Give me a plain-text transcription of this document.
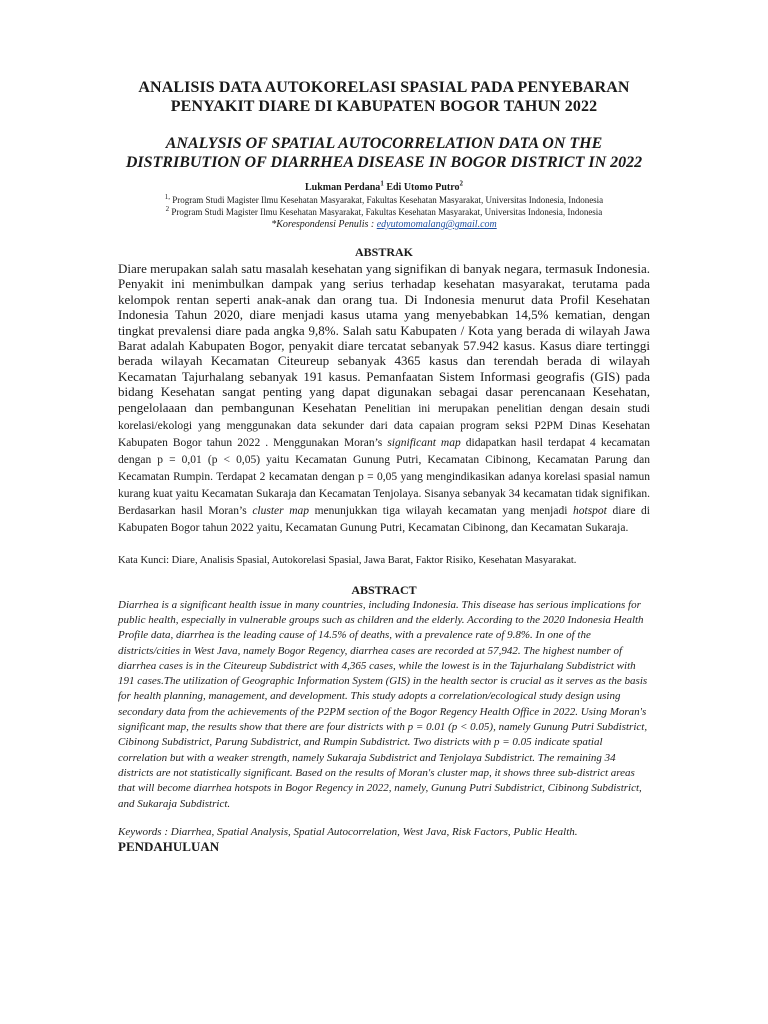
ANALISIS DATA AUTOKORELASI SPASIAL PADA PENYEBARAN
PENYAKIT DIARE DI KABUPATEN BOGOR TAHUN 2022

ANALYSIS OF SPATIAL AUTOCORRELATION DATA ON THE
DISTRIBUTION OF DIARRHEA DISEASE IN BOGOR DISTRICT IN 2022

Lukman Perdana$^1$ Edi Utomo Putro$^2$

$^{1,}$ Program Studi Magister Ilmu Kesehatan Masyarakat, Fakultas Kesehatan Masyarakat, Universitas Indonesia, Indonesia

$^2$ Program Studi Magister Ilmu Kesehatan Masyarakat, Fakultas Kesehatan Masyarakat, Universitas Indonesia, Indonesia

*Korespondensi Penulis : edyutomomalang@gmail.com

ABSTRAK

Diare merupakan salah satu masalah kesehatan yang signifikan di banyak negara, termasuk Indonesia. Penyakit ini menimbulkan dampak yang serius terhadap kesehatan masyarakat, terutama pada kelompok rentan seperti anak-anak dan orang tua. Di Indonesia menurut data Profil Kesehatan Indonesia Tahun 2020, diare menjadi kasus utama yang menyebabkan 14,5% kematian, dengan tingkat prevalensi diare pada angka 9,8%. Salah satu Kabupaten / Kota yang berada di wilayah Jawa Barat adalah Kabupaten Bogor, penyakit diare tercatat sebanyak 57.942 kasus. Kasus diare tertinggi berada wilayah Kecamatan Citeureup sebanyak 4365 kasus dan terendah berada di wilayah Kecamatan Tajurhalang sebanyak 191 kasus. Pemanfaatan Sistem Informasi geografis (GIS) pada bidang Kesehatan sangat penting yang dapat digunakan sebagai dasar perencanaan Kesehatan, pengelolaaan dan pembangunan Kesehatan Penelitian ini merupakan penelitian dengan desain studi korelasi/ekologi yang menggunakan data sekunder dari data capaian program seksi P2PM Dinas Kesehatan Kabupaten Bogor tahun 2022 . Menggunakan Moran’s significant map didapatkan hasil terdapat 4 kecamatan dengan p = 0,01 (p < 0,05) yaitu Kecamatan Gunung Putri, Kecamatan Cibinong, Kecamatan Parung dan Kecamatan Rumpin. Terdapat 2 kecamatan dengan p = 0,05 yang mengindikasikan adanya korelasi spasial namun kurang kuat yaitu Kecamatan Sukaraja dan Kecamatan Tenjolaya. Sisanya sebanyak 34 kecamatan tidak signifikan. Berdasarkan hasil Moran’s cluster map menunjukkan tiga wilayah kecamatan yang menjadi hotspot diare di Kabupaten Bogor tahun 2022 yaitu, Kecamatan Gunung Putri, Kecamatan Cibinong, dan Kecamatan Sukaraja.

Kata Kunci: Diare, Analisis Spasial, Autokorelasi Spasial, Jawa Barat, Faktor Risiko, Kesehatan Masyarakat.

ABSTRACT

Diarrhea is a significant health issue in many countries, including Indonesia. This disease has serious implications for public health, especially in vulnerable groups such as children and the elderly. According to the 2020 Indonesia Health Profile data, diarrhea is the leading cause of 14.5% of deaths, with a prevalence rate of 9.8%. In one of the districts/cities in West Java, namely Bogor Regency, diarrhea cases are recorded at 57,942. The highest number of diarrhea cases is in the Citeureup Subdistrict with 4,365 cases, while the lowest is in the Tajurhalang Subdistrict with 191 cases.The utilization of Geographic Information System (GIS) in the health sector is crucial as it serves as the basis for health planning, management, and development. This study adopts a correlation/ecological study design using secondary data from the achievements of the P2PM section of the Bogor Regency Health Office in 2022. Using Moran's significant map, the results show that there are four districts with p = 0.01 (p < 0.05), namely Gunung Putri Subdistrict, Cibinong Subdistrict, Parung Subdistrict, and Rumpin Subdistrict. Two districts with p = 0.05 indicate spatial correlation but with a weaker strength, namely Sukaraja Subdistrict and Tenjolaya Subdistrict. The remaining 34 districts are not statistically significant. Based on the results of Moran's cluster map, it shows three sub-district areas that will become diarrhea hotspots in Bogor Regency in 2022, namely, Gunung Putri Subdistrict, Cibinong Subdistrict, and Sukaraja Subdistrict.

Keywords : Diarrhea, Spatial Analysis, Spatial Autocorrelation, West Java, Risk Factors, Public Health.

PENDAHULUAN
